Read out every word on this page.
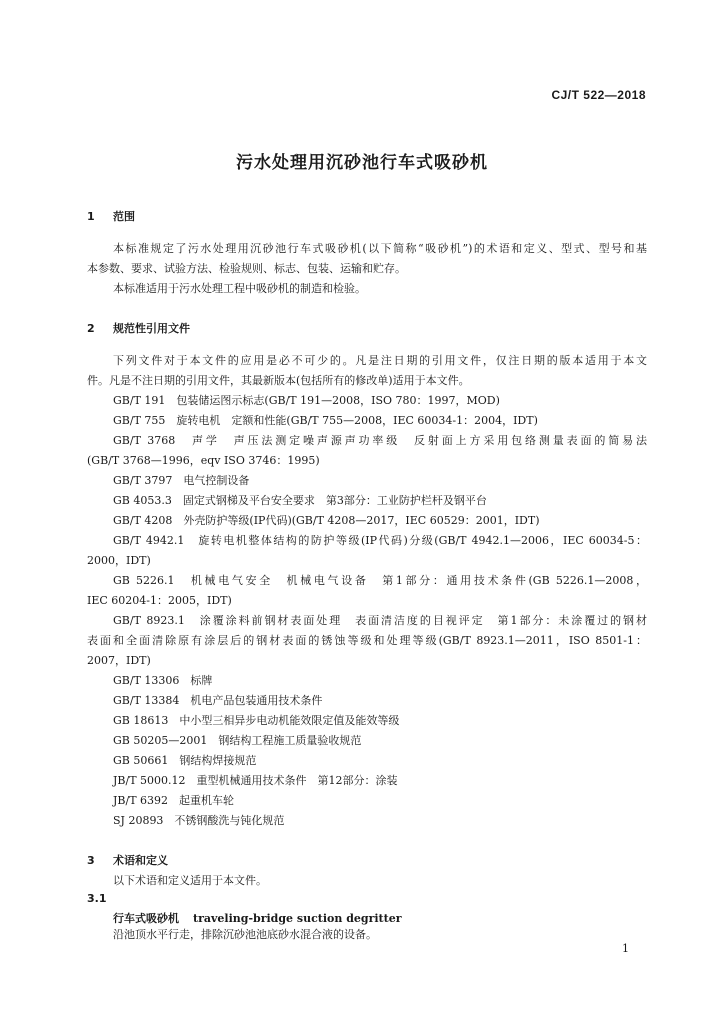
CJ/T 522—2018
污水处理用沉砂池行车式吸砂机
1 范围
本标准规定了污水处理用沉砂池行车式吸砂机(以下简称“吸砂机”)的术语和定义、型式、型号和基
本参数、要求、试验方法、检验规则、标志、包装、运输和贮存。
本标准适用于污水处理工程中吸砂机的制造和检验。
2 规范性引用文件
下列文件对于本文件的应用是必不可少的。凡是注日期的引用文件，仅注日期的版本适用于本文
件。凡是不注日期的引用文件，其最新版本(包括所有的修改单)适用于本文件。
GB/T 191　包装储运图示标志(GB/T 191—2008，ISO 780：1997，MOD)
GB/T 755　旋转电机　定额和性能(GB/T 755—2008，IEC 60034-1：2004，IDT)
GB/T 3768　声学　声压法测定噪声源声功率级　反射面上方采用包络测量表面的简易法
(GB/T 3768—1996，eqv ISO 3746：1995)
GB/T 3797　电气控制设备
GB 4053.3　固定式钢梯及平台安全要求　第3部分：工业防护栏杆及钢平台
GB/T 4208　外壳防护等级(IP代码)(GB/T 4208—2017，IEC 60529：2001，IDT)
GB/T 4942.1　旋转电机整体结构的防护等级(IP代码)分级(GB/T 4942.1—2006，IEC 60034-5：
2000，IDT)
GB 5226.1　机械电气安全　机械电气设备　第1部分：通用技术条件(GB 5226.1—2008，
IEC 60204-1：2005，IDT)
GB/T 8923.1　涂覆涂料前钢材表面处理　表面清洁度的目视评定　第1部分：未涂覆过的钢材
表面和全面清除原有涂层后的钢材表面的锈蚀等级和处理等级(GB/T 8923.1—2011，ISO 8501-1：
2007，IDT)
GB/T 13306　标牌
GB/T 13384　机电产品包装通用技术条件
GB 18613　中小型三相异步电动机能效限定值及能效等级
GB 50205—2001　钢结构工程施工质量验收规范
GB 50661　钢结构焊接规范
JB/T 5000.12　重型机械通用技术条件　第12部分：涂装
JB/T 6392　起重机车轮
SJ 20893　不锈钢酸洗与钝化规范
3 术语和定义
以下术语和定义适用于本文件。
3.1
行车式吸砂机 traveling-bridge suction degritter
沿池顶水平行走，排除沉砂池池底砂水混合液的设备。
1
